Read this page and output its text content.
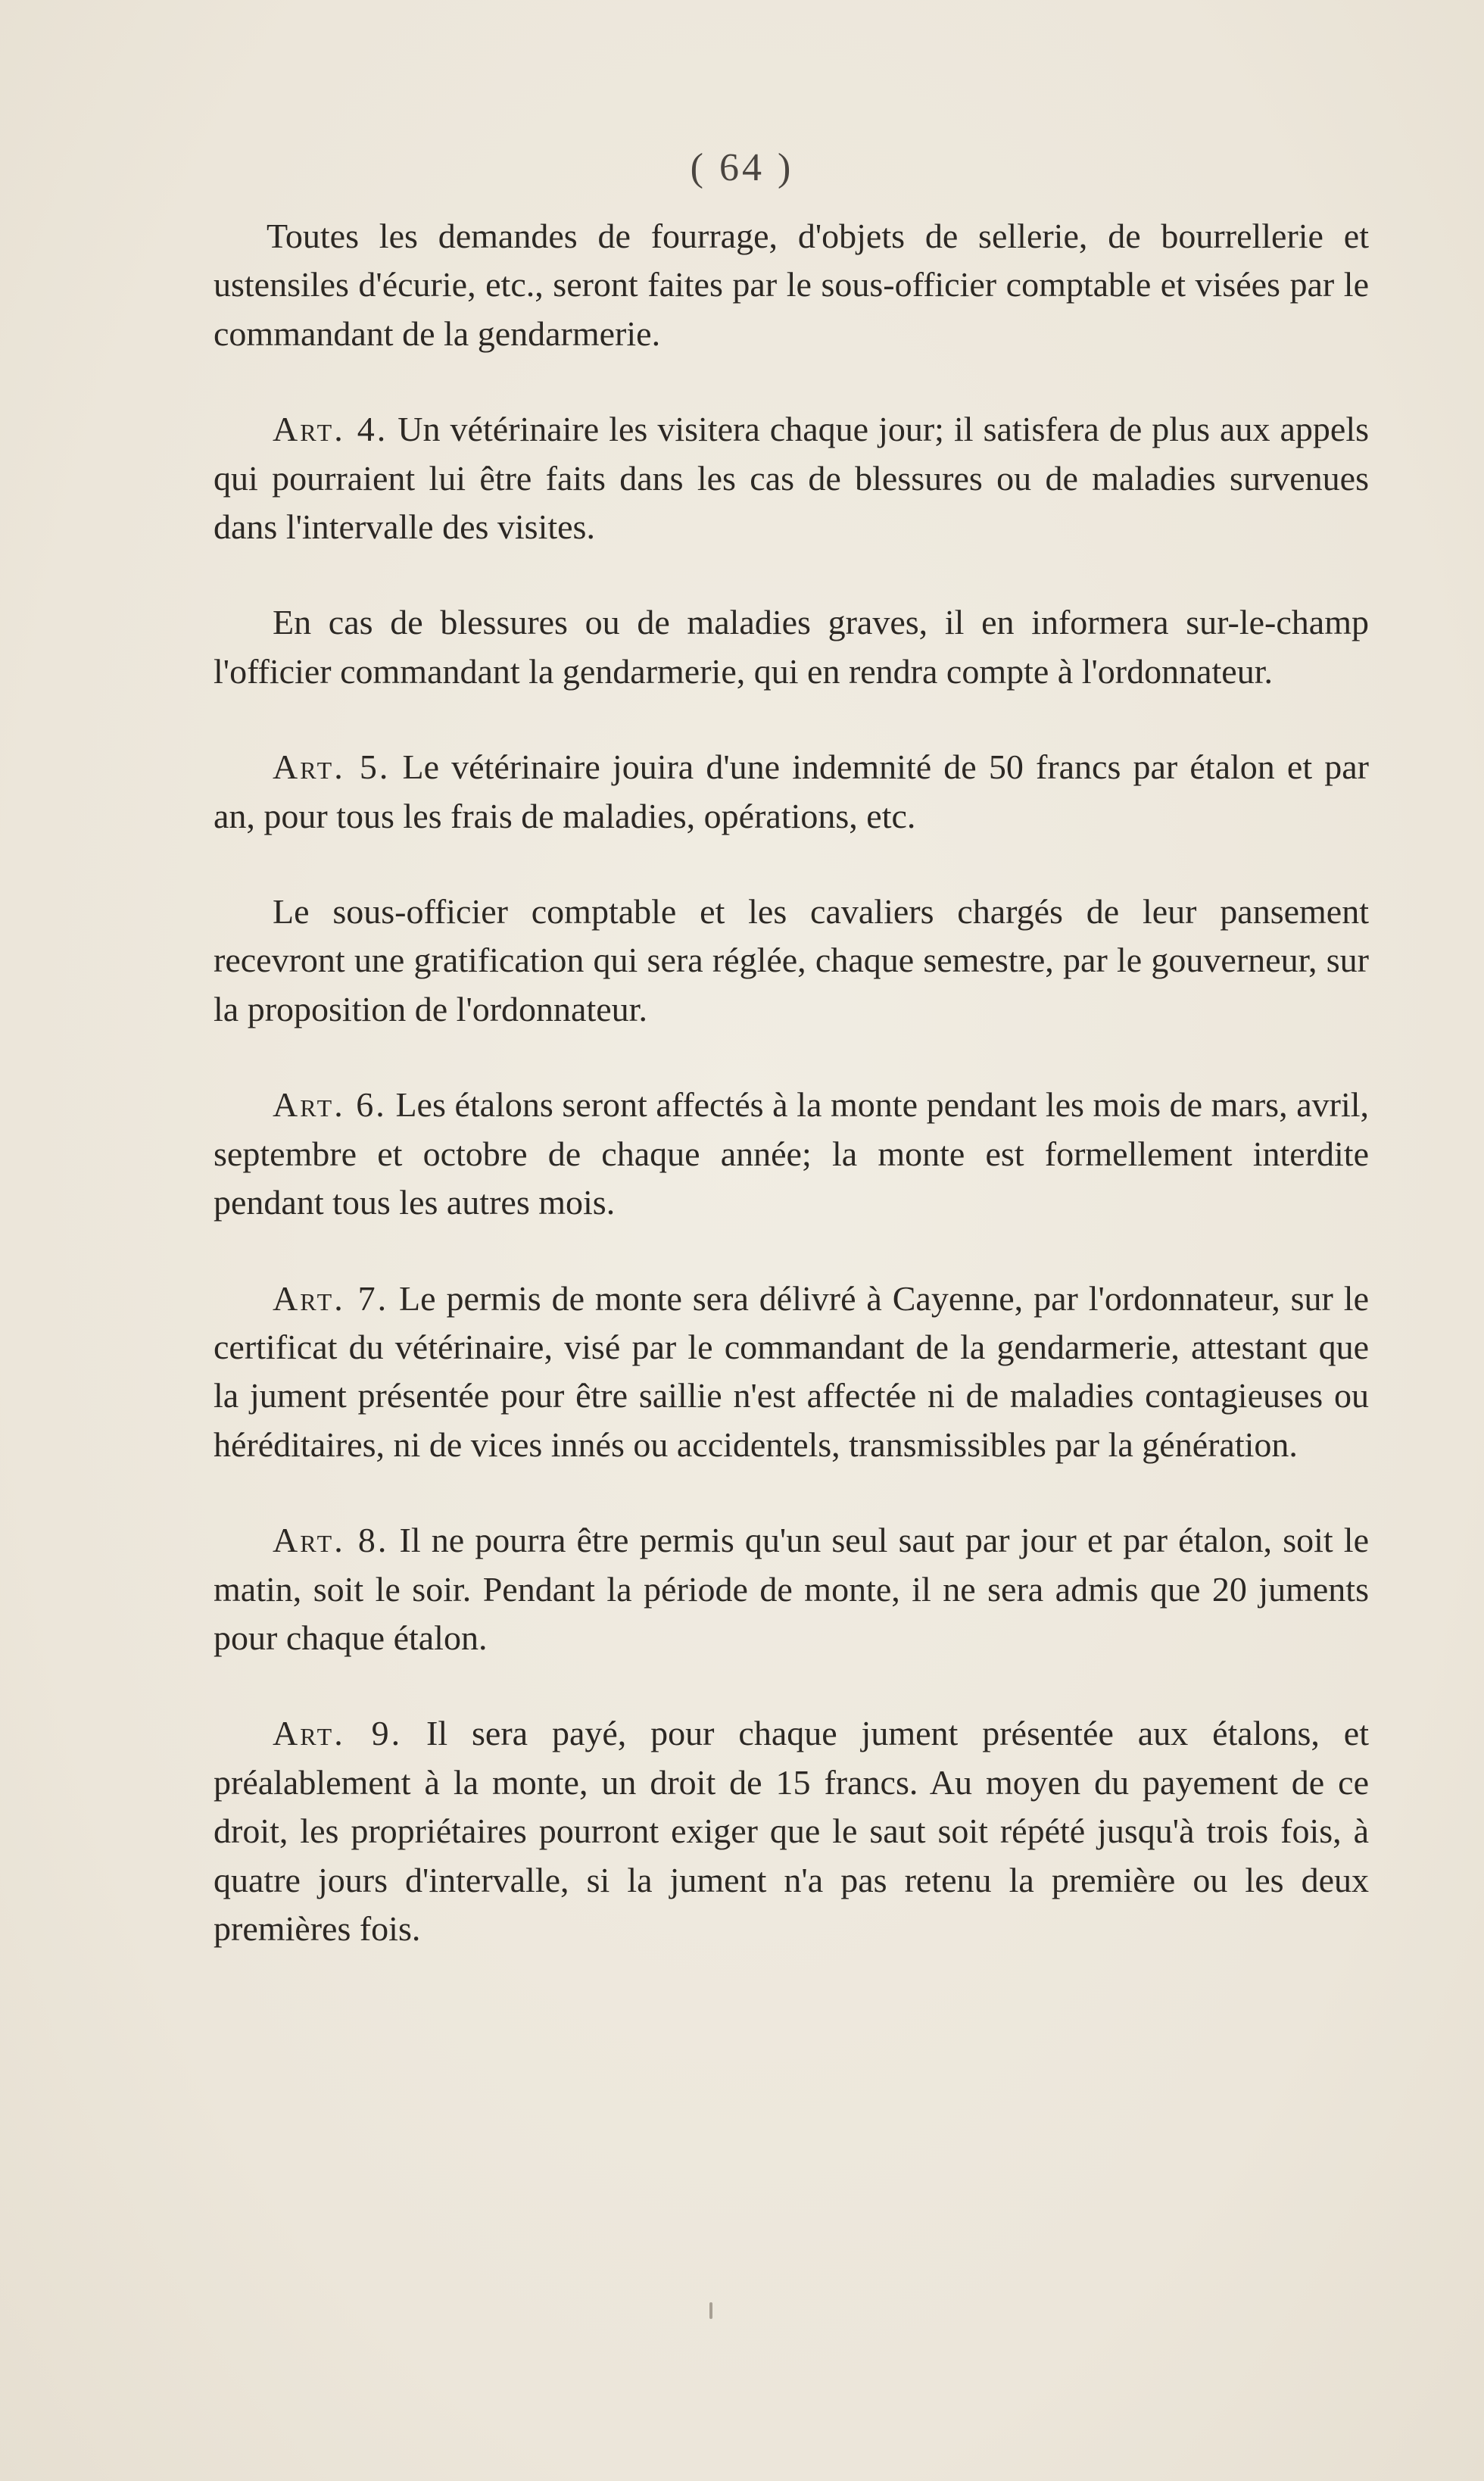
( 64 )

Toutes les demandes de fourrage, d'objets de sellerie, de bourrellerie et ustensiles d'écurie, etc., seront faites par le sous-officier comptable et visées par le commandant de la gendarmerie.

Art. 4. Un vétérinaire les visitera chaque jour; il satisfera de plus aux appels qui pourraient lui être faits dans les cas de blessures ou de maladies survenues dans l'intervalle des visites.

En cas de blessures ou de maladies graves, il en informera sur-le-champ l'officier commandant la gendarmerie, qui en rendra compte à l'ordonnateur.

Art. 5. Le vétérinaire jouira d'une indemnité de 50 francs par étalon et par an, pour tous les frais de maladies, opérations, etc.

Le sous-officier comptable et les cavaliers chargés de leur pansement recevront une gratification qui sera réglée, chaque semestre, par le gouverneur, sur la proposition de l'ordonnateur.

Art. 6. Les étalons seront affectés à la monte pendant les mois de mars, avril, septembre et octobre de chaque année; la monte est formellement interdite pendant tous les autres mois.

Art. 7. Le permis de monte sera délivré à Cayenne, par l'ordonnateur, sur le certificat du vétérinaire, visé par le commandant de la gendarmerie, attestant que la jument présentée pour être saillie n'est affectée ni de maladies contagieuses ou héréditaires, ni de vices innés ou accidentels, transmissibles par la génération.

Art. 8. Il ne pourra être permis qu'un seul saut par jour et par étalon, soit le matin, soit le soir. Pendant la période de monte, il ne sera admis que 20 juments pour chaque étalon.

Art. 9. Il sera payé, pour chaque jument présentée aux étalons, et préalablement à la monte, un droit de 15 francs. Au moyen du payement de ce droit, les propriétaires pourront exiger que le saut soit répété jusqu'à trois fois, à quatre jours d'intervalle, si la jument n'a pas retenu la première ou les deux premières fois.
